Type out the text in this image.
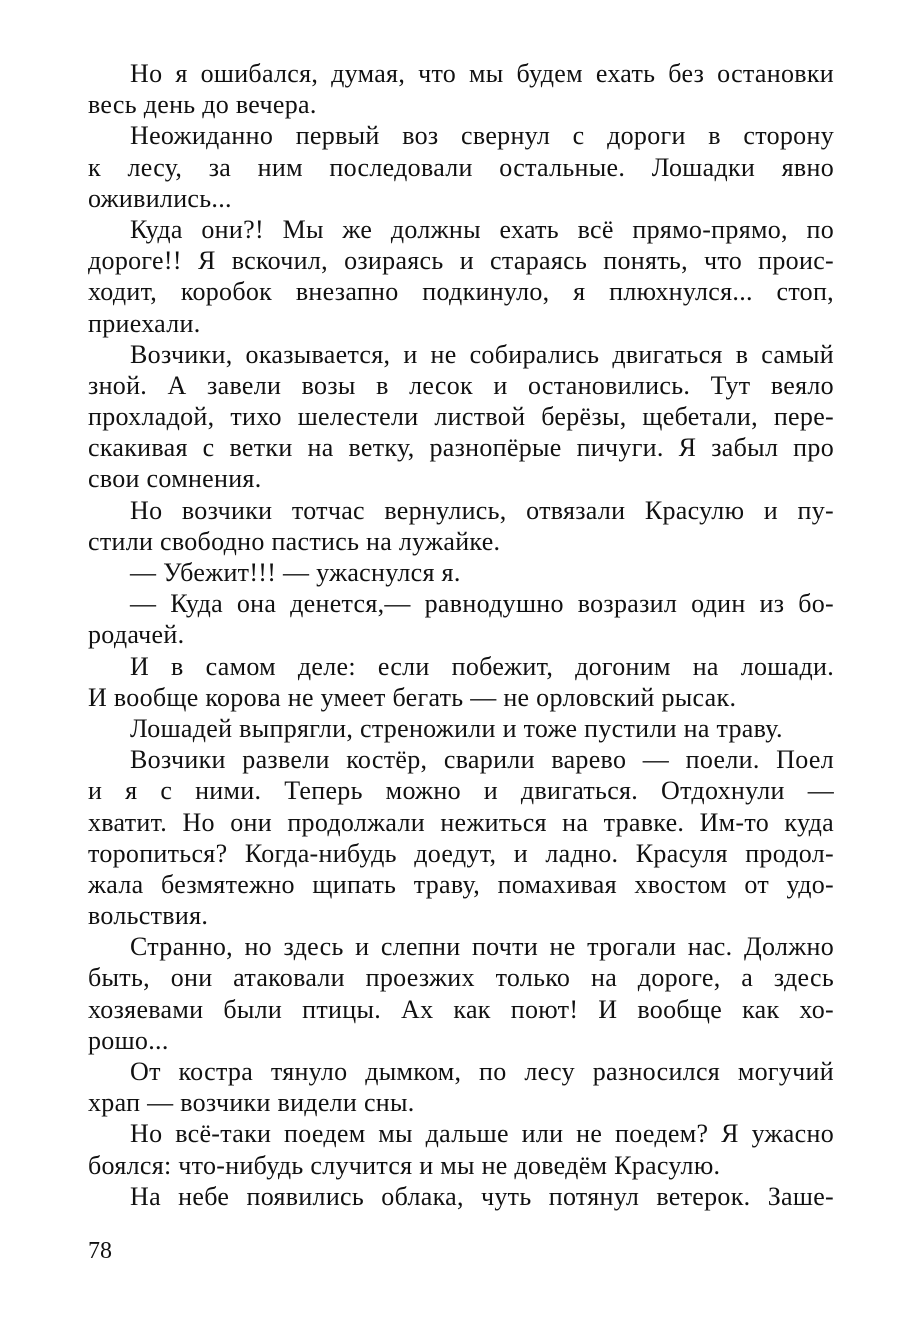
Но я ошибался, думая, что мы будем ехать без остановки
весь день до вечера.
Неожиданно первый воз свернул с дороги в сторону
к лесу, за ним последовали остальные. Лошадки явно
оживились...
Куда они?! Мы же должны ехать всё прямо-прямо, по
дороге!! Я вскочил, озираясь и стараясь понять, что проис-
ходит, коробок внезапно подкинуло, я плюхнулся... стоп,
приехали.
Возчики, оказывается, и не собирались двигаться в самый
зной. А завели возы в лесок и остановились. Тут веяло
прохладой, тихо шелестели листвой берёзы, щебетали, пере-
скакивая с ветки на ветку, разнопёрые пичуги. Я забыл про
свои сомнения.
Но возчики тотчас вернулись, отвязали Красулю и пу-
стили свободно пастись на лужайке.
— Убежит!!! — ужаснулся я.
— Куда она денется,— равнодушно возразил один из бо-
родачей.
И в самом деле: если побежит, догоним на лошади.
И вообще корова не умеет бегать — не орловский рысак.
Лошадей выпрягли, стреножили и тоже пустили на траву.
Возчики развели костёр, сварили варево — поели. Поел
и я с ними. Теперь можно и двигаться. Отдохнули —
хватит. Но они продолжали нежиться на травке. Им-то куда
торопиться? Когда-нибудь доедут, и ладно. Красуля продол-
жала безмятежно щипать траву, помахивая хвостом от удо-
вольствия.
Странно, но здесь и слепни почти не трогали нас. Должно
быть, они атаковали проезжих только на дороге, а здесь
хозяевами были птицы. Ах как поют! И вообще как хо-
рошо...
От костра тянуло дымком, по лесу разносился могучий
храп — возчики видели сны.
Но всё-таки поедем мы дальше или не поедем? Я ужасно
боялся: что-нибудь случится и мы не доведём Красулю.
На небе появились облака, чуть потянул ветерок. Заше-
78
